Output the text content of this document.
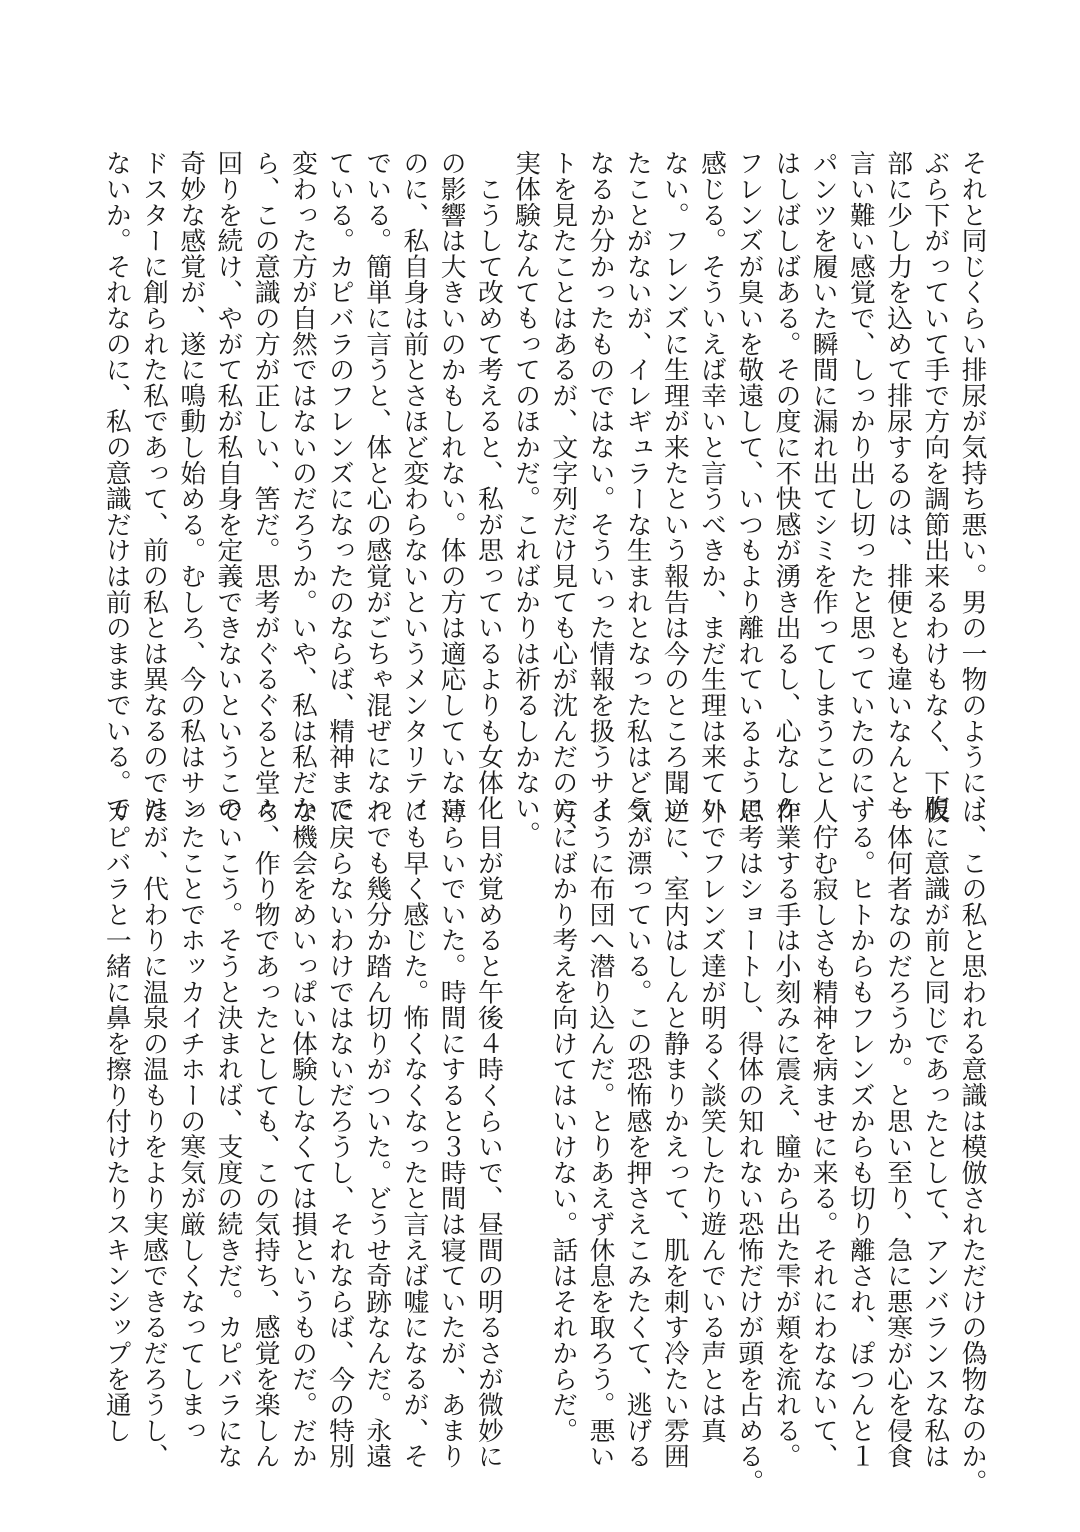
それと同じくらい排尿が気持ち悪い。男の一物のように、
ぶら下がっていて手で方向を調節出来るわけもなく、下腹
部に少し力を込めて排尿するのは、排便とも違いなんとも
言い難い感覚で、しっかり出し切ったと思っていたのに、
パンツを履いた瞬間に漏れ出てシミを作ってしまうこと
はしばしばある。その度に不快感が湧き出るし、心なしか
フレンズが臭いを敬遠して、いつもより離れているように
感じる。そういえば幸いと言うべきか、まだ生理は来てい
ない。フレンズに生理が来たという報告は今のところ聞い
たことがないが、イレギュラーな生まれとなった私はどう
なるか分かったものではない。そういった情報を扱うサイ
トを見たことはあるが、文字列だけ見ても心が沈んだのに、
実体験なんてもってのほかだ。こればかりは祈るしかない。
　こうして改めて考えると、私が思っているよりも女体化
の影響は大きいのかもしれない。体の方は適応していない
のに、私自身は前とさほど変わらないというメンタリティ
でいる。簡単に言うと、体と心の感覚がごちゃ混ぜになっ
ている。カピバラのフレンズになったのならば、精神まで
変わった方が自然ではないのだろうか。いや、私は私だか
ら、この意識の方が正しい、筈だ。思考がぐるぐると堂々
回りを続け、やがて私が私自身を定義できないというこの
奇妙な感覚が、遂に鳴動し始める。むしろ、今の私はサン
ドスターに創られた私であって、前の私とは異なるのでは
ないか。それなのに、私の意識だけは前のままでいる。で
は、この私と思われる意識は模倣されただけの偽物なのか。
仮に意識が前と同じであったとして、アンバランスな私は
一体何者なのだろうか。と思い至り、急に悪寒が心を侵食
する。ヒトからもフレンズからも切り離され、ぽつんと１
人佇む寂しさも精神を病ませに来る。それにわなないて、
作業する手は小刻みに震え、瞳から出た雫が頬を流れる。
思考はショートし、得体の知れない恐怖だけが頭を占める。
外でフレンズ達が明るく談笑したり遊んでいる声とは真
逆に、室内はしんと静まりかえって、肌を刺す冷たい雰囲
気が漂っている。この恐怖感を押さえこみたくて、逃げる
ように布団へ潜り込んだ。とりあえず休息を取ろう。悪い
方にばかり考えを向けてはいけない。話はそれからだ。

　目が覚めると午後４時くらいで、昼間の明るさが微妙に
薄らいでいた。時間にすると３時間は寝ていたが、あまり
にも早く感じた。怖くなくなったと言えば嘘になるが、そ
れでも幾分か踏ん切りがついた。どうせ奇跡なんだ。永遠
に戻らないわけではないだろうし、それならば、今の特別
な機会をめいっぱい体験しなくては損というものだ。だか
ら、作り物であったとしても、この気持ち、感覚を楽しん
でいこう。そうと決まれば、支度の続きだ。カピバラにな
ったことでホッカイチホーの寒気が厳しくなってしまっ
たが、代わりに温泉の温もりをより実感できるだろうし、
カピバラと一緒に鼻を擦り付けたりスキンシップを通し
